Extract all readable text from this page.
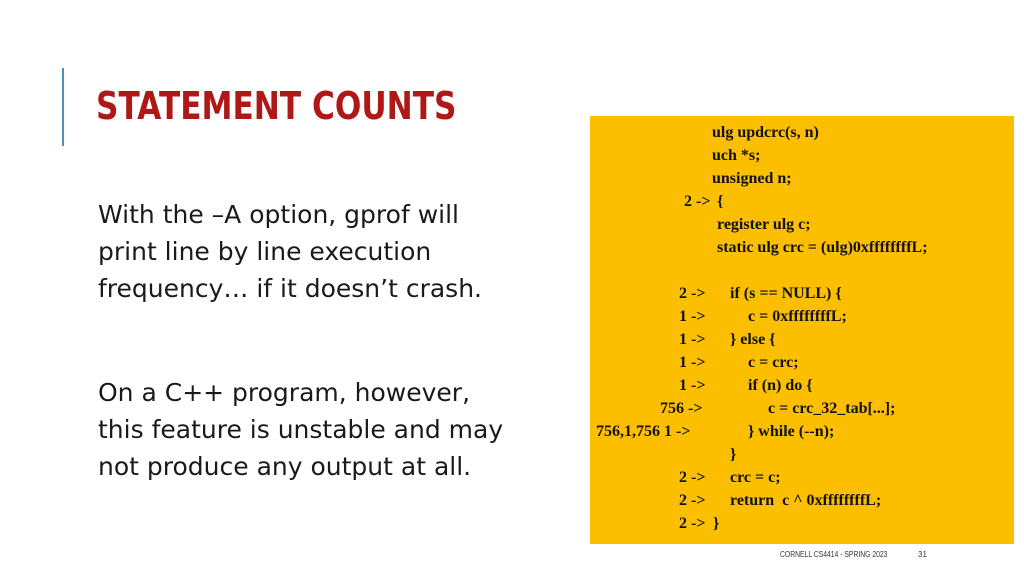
STATEMENT COUNTS
With the –A option, gprof will
print line by line execution
frequency… if it doesn’t crash.
On a C++ program, however,
this feature is unstable and may
not produce any output at all.
ulg updcrc(s, n)
uch *s;
unsigned n;
2 -> {
register ulg c;
static ulg crc = (ulg)0xffffffffL;
2 -> if (s == NULL) {
1 ->	c = 0xffffffffL;
1 -> } else {
1 ->	c = crc;
1 ->	if (n) do {
756 ->	c = crc_32_tab[...];
756,1,756 1 ->	} while (--n);
}
2 -> crc = c;
2 -> return  c ^ 0xffffffffL;
2 -> }
CORNELL CS4414 - SPRING 2023	31
